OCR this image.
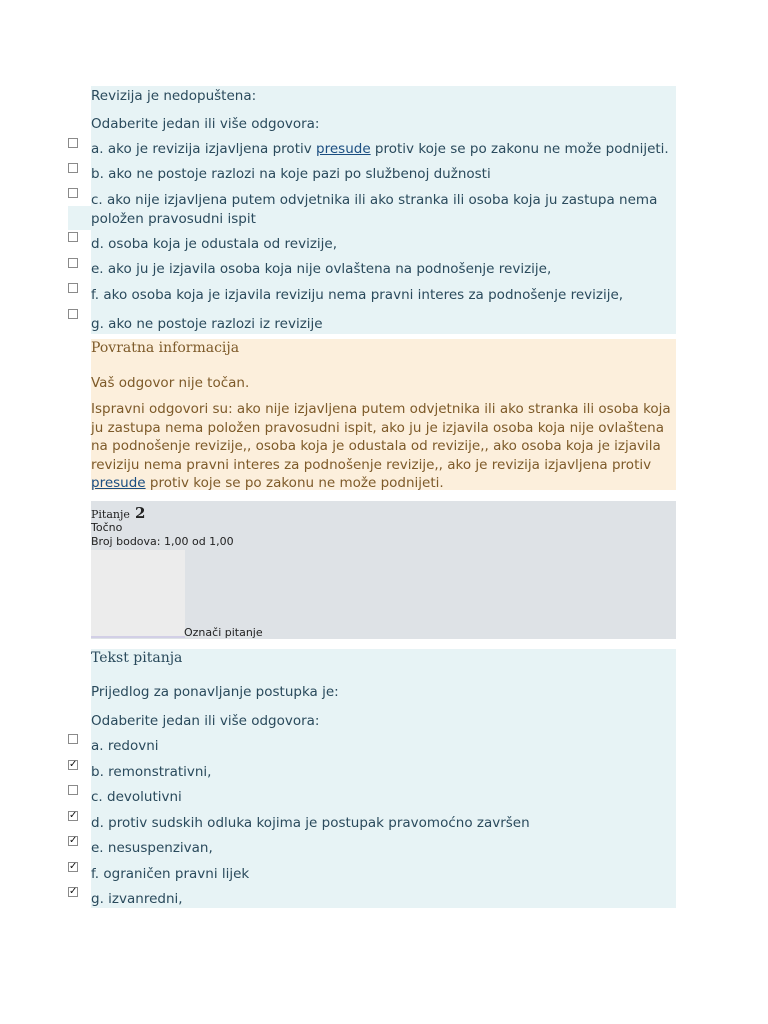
Revizija je nedopuštena:
Odaberite jedan ili više odgovora:
a. ako je revizija izjavljena protiv presude protiv koje se po zakonu ne može podnijeti.
b. ako ne postoje razlozi na koje pazi po službenoj dužnosti
c. ako nije izjavljena putem odvjetnika ili ako stranka ili osoba koja ju zastupa nema
položen pravosudni ispit
d. osoba koja je odustala od revizije,
e. ako ju je izjavila osoba koja nije ovlaštena na podnošenje revizije,
f. ako osoba koja je izjavila reviziju nema pravni interes za podnošenje revizije,
g. ako ne postoje razlozi iz revizije
Povratna informacija
Vaš odgovor nije točan.
Ispravni odgovori su: ako nije izjavljena putem odvjetnika ili ako stranka ili osoba koja ju zastupa nema položen pravosudni ispit, ako ju je izjavila osoba koja nije ovlaštena na podnošenje revizije,, osoba koja je odustala od revizije,, ako osoba koja je izjavila reviziju nema pravni interes za podnošenje revizije,, ako je revizija izjavljena protiv presude protiv koje se po zakonu ne može podnijeti.
Pitanje 2
Točno
Broj bodova: 1,00 od 1,00
Označi pitanje
Tekst pitanja
Prijedlog za ponavljanje postupka je:
Odaberite jedan ili više odgovora:
a. redovni
✓ b. remonstrativni,
c. devolutivni
✓ d. protiv sudskih odluka kojima je postupak pravomoćno završen
✓ e. nesuspenzivan,
✓ f. ograničen pravni lijek
✓ g. izvanredni,
